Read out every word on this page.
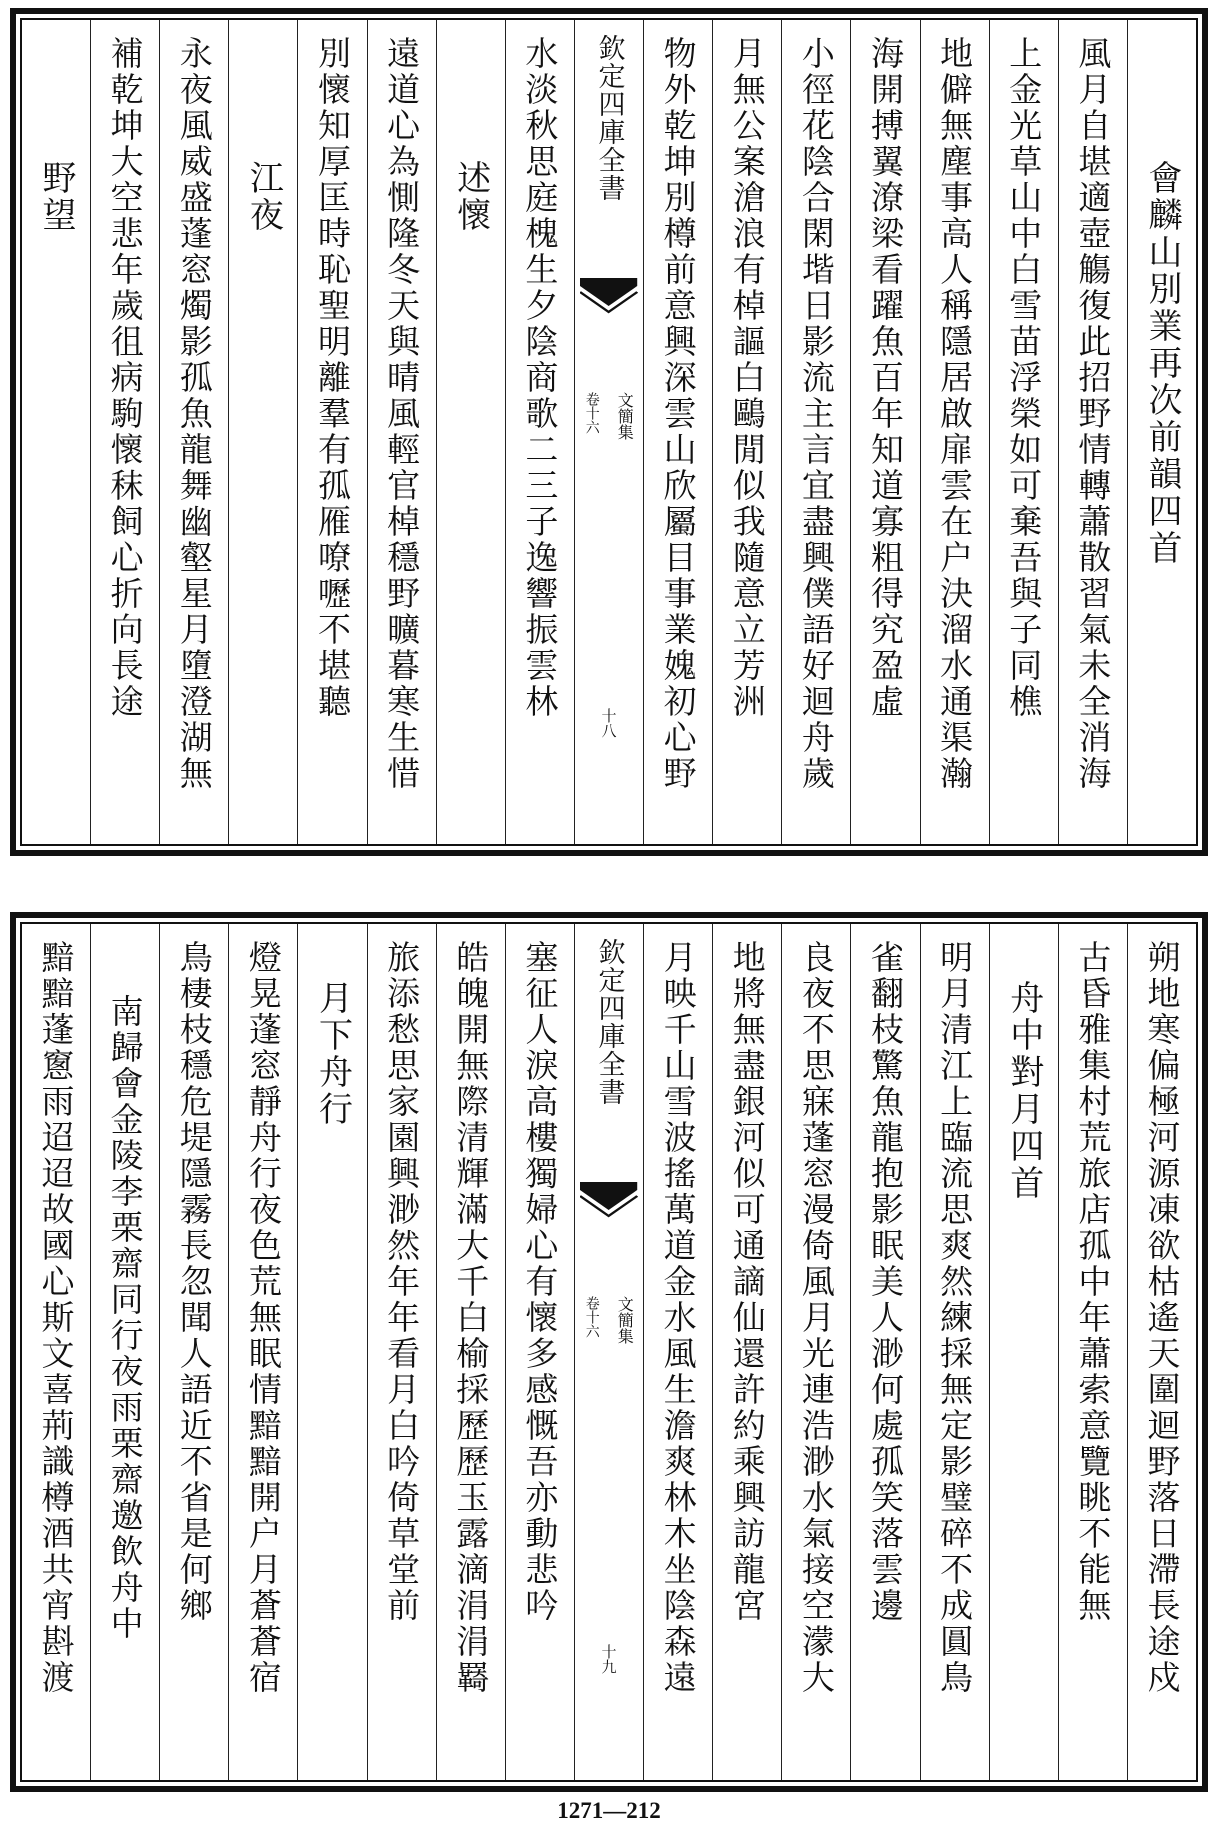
會麟山別業再次前韻四首
風月自堪適壺觴復此招野情轉蕭散習氣未全消海
上金光草山中白雪苗浮榮如可棄吾與子同樵
地僻無塵事高人稱隱居啟扉雲在户決溜水通渠瀚
海開搏翼潦梁看躍魚百年知道寡粗得究盈虛
小徑花陰合閑堦日影流主言宜盡興僕語好迴舟歲
月無公案滄浪有棹謳白鷗閒似我隨意立芳洲
物外乾坤別樽前意興深雲山欣屬目事業媿初心野
欽定四庫全書
文簡集
卷十六
十八
水淡秋思庭槐生夕陰商歌二三子逸響振雲林
述懷
遠道心為惻隆冬天與晴風輕官棹穩野曠暮寒生惜
別懷知厚匡時恥聖明離羣有孤雁嘹嚦不堪聽
江夜
永夜風威盛蓬窓燭影孤魚龍舞幽壑星月墮澄湖無
補乾坤大空悲年歲徂病駒懷秣飼心折向長途
野望
朔地寒偏極河源凍欲枯遙天圍迴野落日滯長途戍
古昏雅集村荒旅店孤中年蕭索意覽眺不能無
舟中對月四首
明月清江上臨流思爽然練採無定影璧碎不成圓鳥
雀翻枝驚魚龍抱影眠美人渺何處孤笑落雲邊
良夜不思寐蓬窓漫倚風月光連浩渺水氣接空濛大
地將無盡銀河似可通謫仙還許約乘興訪龍宮
月映千山雪波搖萬道金水風生澹爽林木坐陰森遠
欽定四庫全書
文簡集
卷十六
十九
塞征人淚高樓獨婦心有懷多感慨吾亦動悲吟
皓魄開無際清輝滿大千白榆採歷歷玉露滴涓涓羇
旅添愁思家園興渺然年年看月白吟倚草堂前
月下舟行
燈晃蓬窓靜舟行夜色荒無眠情黯黯開户月蒼蒼宿
鳥棲枝穩危堤隱霧長忽聞人語近不省是何鄉
南歸會金陵李栗齋同行夜雨栗齋邀飲舟中
黯黯蓬窻雨迢迢故國心斯文喜荊識樽酒共宵斟渡
1271—212
